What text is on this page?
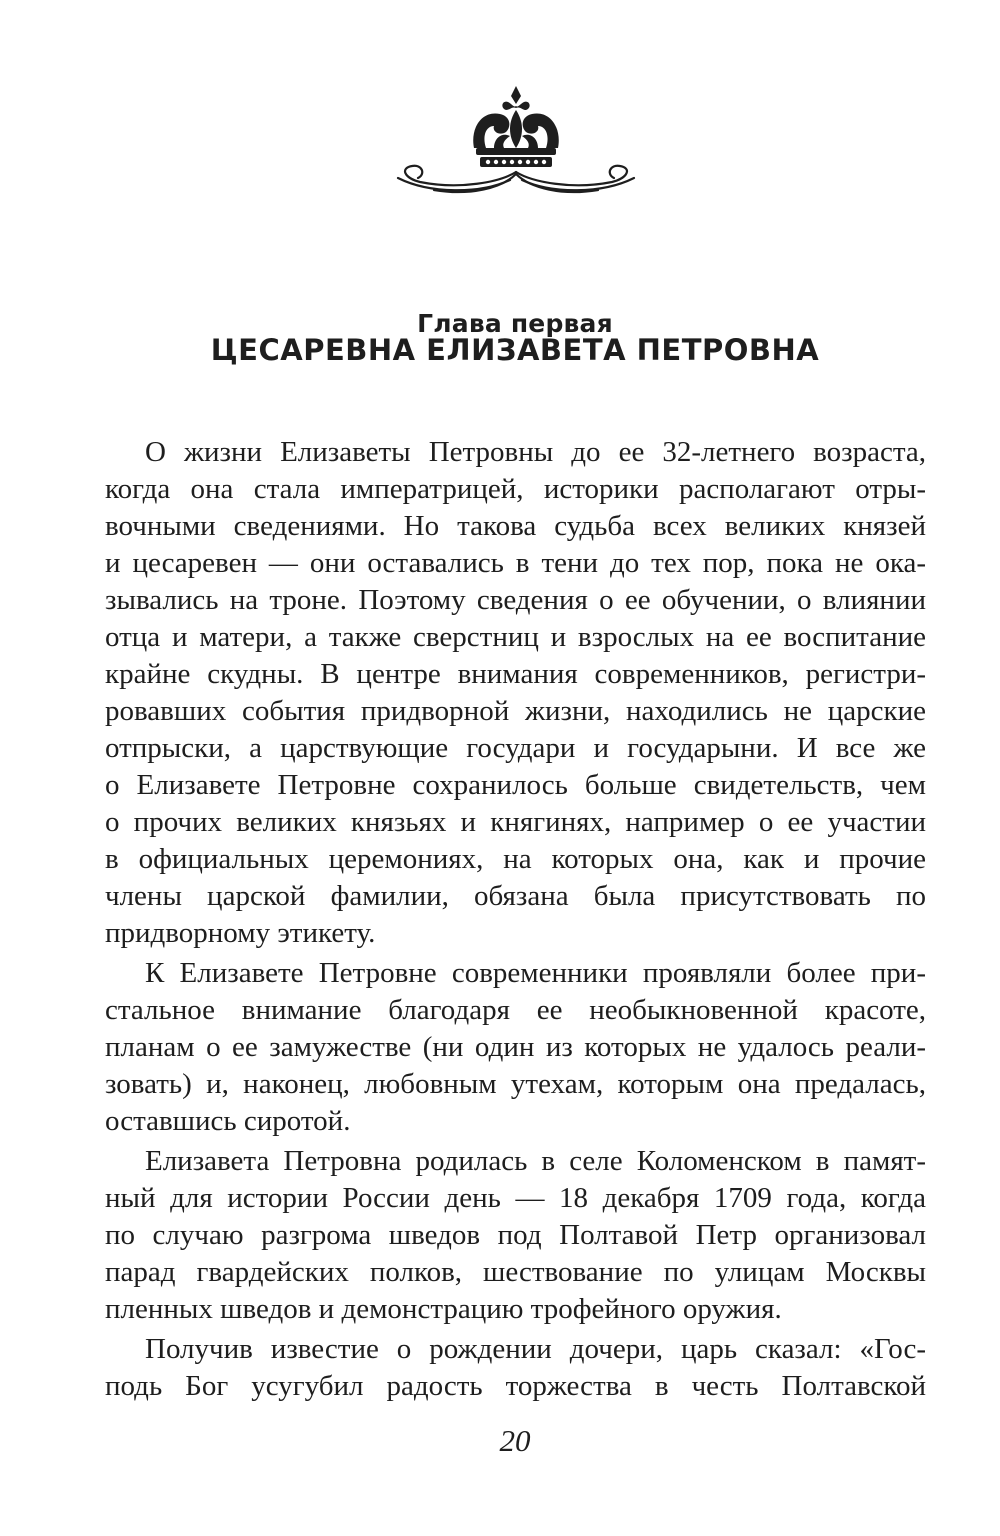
Глава первая
ЦЕСАРЕВНА ЕЛИЗАВЕТА ПЕТРОВНА
О жизни Елизаветы Петровны до ее 32-летнего возраста,
когда она стала императрицей, историки располагают отры-
вочными сведениями. Но такова судьба всех великих князей
и цесаревен — они оставались в тени до тех пор, пока не ока-
зывались на троне. Поэтому сведения о ее обучении, о влиянии
отца и матери, а также сверстниц и взрослых на ее воспитание
крайне скудны. В центре внимания современников, регистри-
ровавших события придворной жизни, находились не царские
отпрыски, а царствующие государи и государыни. И все же
о Елизавете Петровне сохранилось больше свидетельств, чем
о прочих великих князьях и княгинях, например о ее участии
в официальных церемониях, на которых она, как и прочие
члены царской фамилии, обязана была присутствовать по
придворному этикету.
К Елизавете Петровне современники проявляли более при-
стальное внимание благодаря ее необыкновенной красоте,
планам о ее замужестве (ни один из которых не удалось реали-
зовать) и, наконец, любовным утехам, которым она предалась,
оставшись сиротой.
Елизавета Петровна родилась в селе Коломенском в памят-
ный для истории России день — 18 декабря 1709 года, когда
по случаю разгрома шведов под Полтавой Петр организовал
парад гвардейских полков, шествование по улицам Москвы
пленных шведов и демонстрацию трофейного оружия.
Получив известие о рождении дочери, царь сказал: «Гос-
подь Бог усугубил радость торжества в честь Полтавской
20
